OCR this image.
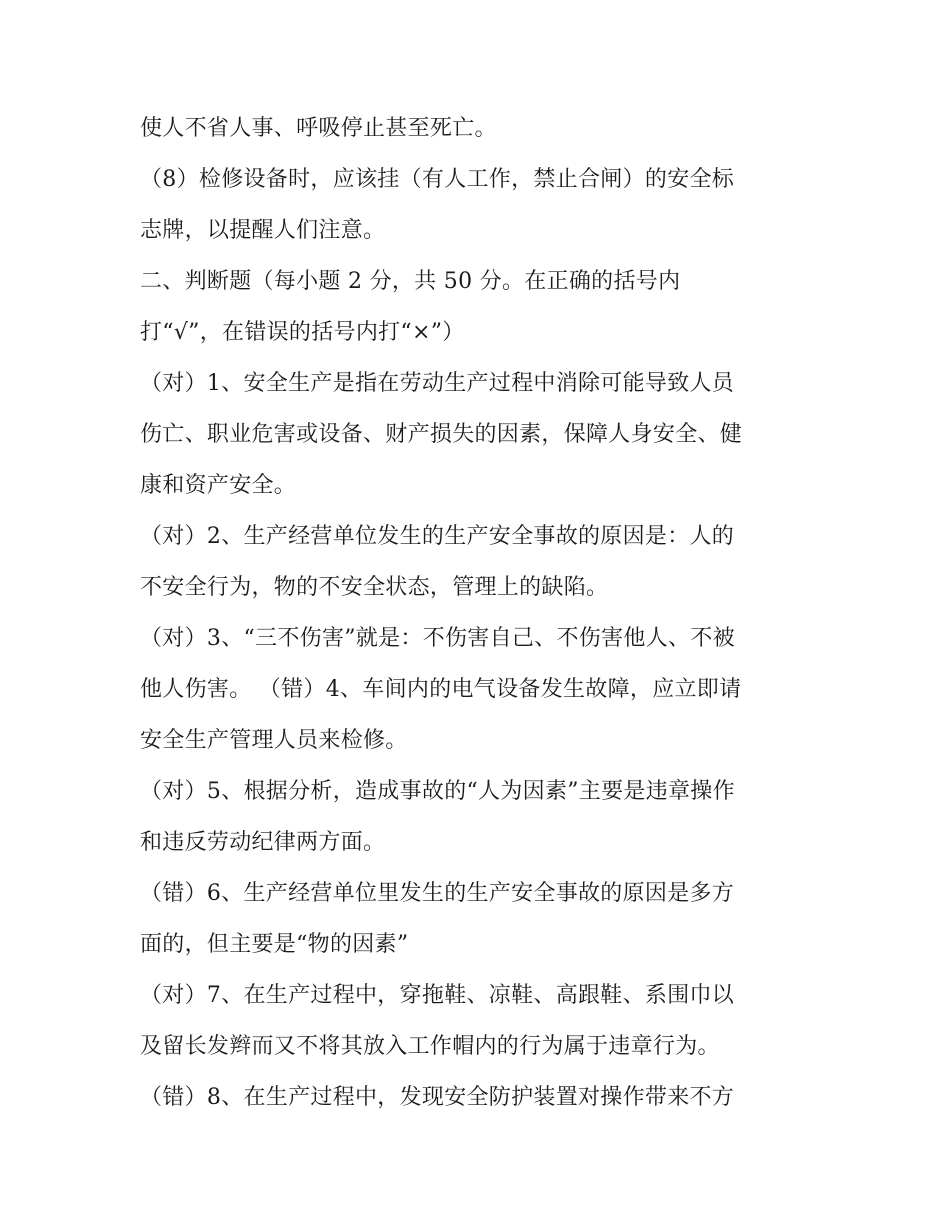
使人不省人事、呼吸停止甚至死亡。
（8）检修设备时，应该挂（有人工作，禁止合闸）的安全标
志牌，以提醒人们注意。
二、判断题（每小题 2 分，共 50 分。在正确的括号内
打“√”，在错误的括号内打“×”）
（对）1、安全生产是指在劳动生产过程中消除可能导致人员
伤亡、职业危害或设备、财产损失的因素，保障人身安全、健
康和资产安全。
（对）2、生产经营单位发生的生产安全事故的原因是：人的
不安全行为，物的不安全状态，管理上的缺陷。
（对）3、“三不伤害”就是：不伤害自己、不伤害他人、不被
他人伤害。 （错）4、车间内的电气设备发生故障，应立即请
安全生产管理人员来检修。
（对）5、根据分析，造成事故的“人为因素”主要是违章操作
和违反劳动纪律两方面。
（错）6、生产经营单位里发生的生产安全事故的原因是多方
面的，但主要是“物的因素”
（对）7、在生产过程中，穿拖鞋、凉鞋、高跟鞋、系围巾以
及留长发辫而又不将其放入工作帽内的行为属于违章行为。
（错）8、在生产过程中，发现安全防护装置对操作带来不方
